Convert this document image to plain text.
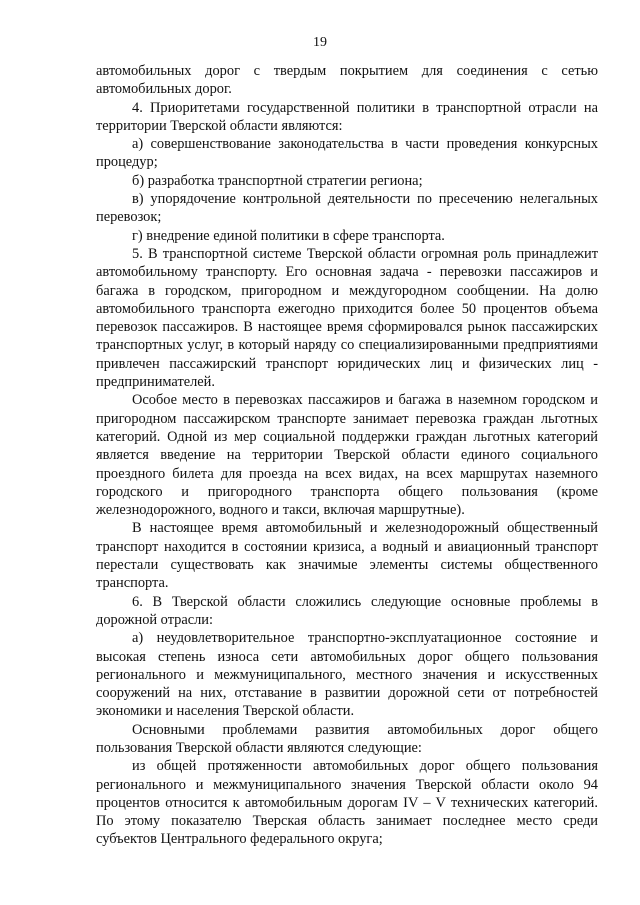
19

автомобильных дорог с твердым покрытием для соединения с сетью автомобильных дорог.

4. Приоритетами государственной политики в транспортной отрасли на территории Тверской области являются:

а) совершенствование законодательства в части проведения конкурсных процедур;

б) разработка транспортной стратегии региона;

в) упорядочение контрольной деятельности по пресечению нелегальных перевозок;

г) внедрение единой политики в сфере транспорта.

5. В транспортной системе Тверской области огромная роль принадлежит автомобильному транспорту. Его основная задача - перевозки пассажиров и багажа в городском, пригородном и междугородном сообщении. На долю автомобильного транспорта ежегодно приходится более 50 процентов объема перевозок пассажиров. В настоящее время сформировался рынок пассажирских транспортных услуг, в который наряду со специализированными предприятиями привлечен пассажирский транспорт юридических лиц и физических лиц - предпринимателей.

Особое место в перевозках пассажиров и багажа в наземном городском и пригородном пассажирском транспорте занимает перевозка граждан льготных категорий. Одной из мер социальной поддержки граждан льготных категорий является введение на территории Тверской области единого социального проездного билета для проезда на всех видах, на всех маршрутах наземного городского и пригородного транспорта общего пользования (кроме железнодорожного, водного и такси, включая маршрутные).

В настоящее время автомобильный и железнодорожный общественный транспорт находится в состоянии кризиса, а водный и авиационный транспорт перестали существовать как значимые элементы системы общественного транспорта.

6. В Тверской области сложились следующие основные проблемы в дорожной отрасли:

а) неудовлетворительное транспортно-эксплуатационное состояние и высокая степень износа сети автомобильных дорог общего пользования регионального и межмуниципального, местного значения и искусственных сооружений на них, отставание в развитии дорожной сети от потребностей экономики и населения Тверской области.

Основными проблемами развития автомобильных дорог общего пользования Тверской области являются следующие:

из общей протяженности автомобильных дорог общего пользования регионального и межмуниципального значения Тверской области около 94 процентов относится к автомобильным дорогам IV – V технических категорий. По этому показателю Тверская область занимает последнее место среди субъектов Центрального федерального округа;
